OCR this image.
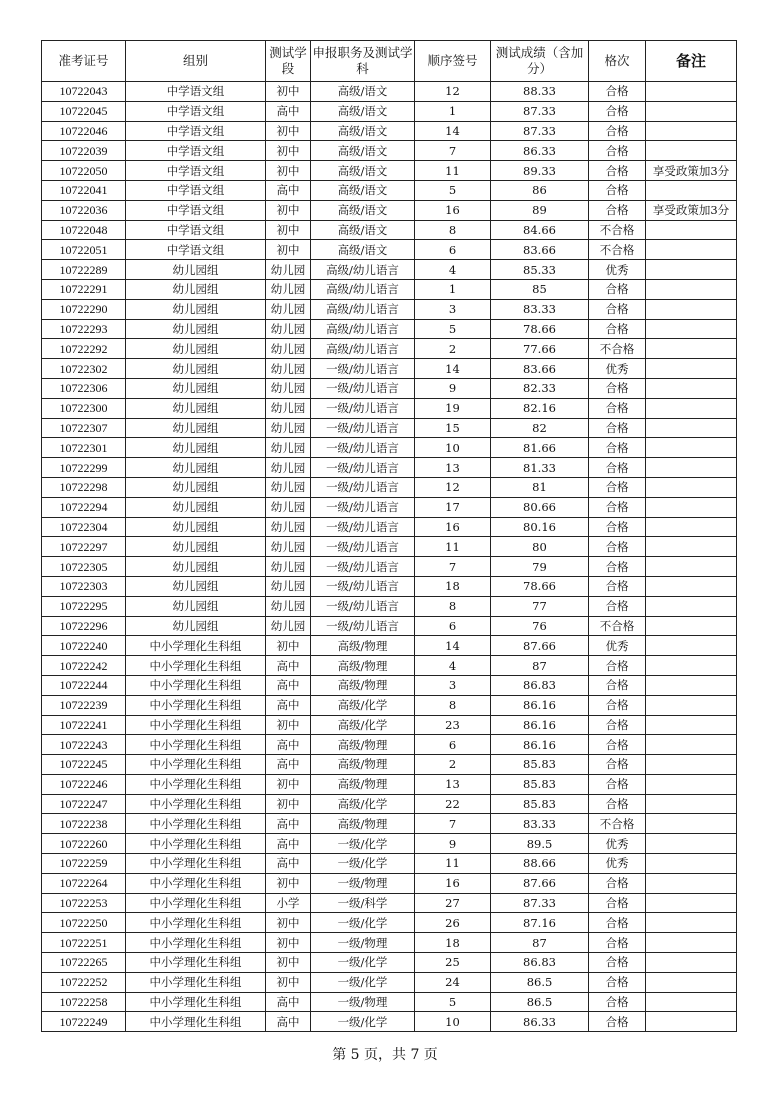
准考证号	组别	测试学段	申报职务及测试学科	顺序签号	测试成绩（含加分）	格次	备注
10722043	中学语文组	初中	高级/语文	12	88.33	合格	
10722045	中学语文组	高中	高级/语文	1	87.33	合格	
10722046	中学语文组	初中	高级/语文	14	87.33	合格	
10722039	中学语文组	初中	高级/语文	7	86.33	合格	
10722050	中学语文组	初中	高级/语文	11	89.33	合格	享受政策加3分
10722041	中学语文组	高中	高级/语文	5	86	合格	
10722036	中学语文组	初中	高级/语文	16	89	合格	享受政策加3分
10722048	中学语文组	初中	高级/语文	8	84.66	不合格	
10722051	中学语文组	初中	高级/语文	6	83.66	不合格	
10722289	幼儿园组	幼儿园	高级/幼儿语言	4	85.33	优秀	
10722291	幼儿园组	幼儿园	高级/幼儿语言	1	85	合格	
10722290	幼儿园组	幼儿园	高级/幼儿语言	3	83.33	合格	
10722293	幼儿园组	幼儿园	高级/幼儿语言	5	78.66	合格	
10722292	幼儿园组	幼儿园	高级/幼儿语言	2	77.66	不合格	
10722302	幼儿园组	幼儿园	一级/幼儿语言	14	83.66	优秀	
10722306	幼儿园组	幼儿园	一级/幼儿语言	9	82.33	合格	
10722300	幼儿园组	幼儿园	一级/幼儿语言	19	82.16	合格	
10722307	幼儿园组	幼儿园	一级/幼儿语言	15	82	合格	
10722301	幼儿园组	幼儿园	一级/幼儿语言	10	81.66	合格	
10722299	幼儿园组	幼儿园	一级/幼儿语言	13	81.33	合格	
10722298	幼儿园组	幼儿园	一级/幼儿语言	12	81	合格	
10722294	幼儿园组	幼儿园	一级/幼儿语言	17	80.66	合格	
10722304	幼儿园组	幼儿园	一级/幼儿语言	16	80.16	合格	
10722297	幼儿园组	幼儿园	一级/幼儿语言	11	80	合格	
10722305	幼儿园组	幼儿园	一级/幼儿语言	7	79	合格	
10722303	幼儿园组	幼儿园	一级/幼儿语言	18	78.66	合格	
10722295	幼儿园组	幼儿园	一级/幼儿语言	8	77	合格	
10722296	幼儿园组	幼儿园	一级/幼儿语言	6	76	不合格	
10722240	中小学理化生科组	初中	高级/物理	14	87.66	优秀	
10722242	中小学理化生科组	高中	高级/物理	4	87	合格	
10722244	中小学理化生科组	高中	高级/物理	3	86.83	合格	
10722239	中小学理化生科组	高中	高级/化学	8	86.16	合格	
10722241	中小学理化生科组	初中	高级/化学	23	86.16	合格	
10722243	中小学理化生科组	高中	高级/物理	6	86.16	合格	
10722245	中小学理化生科组	高中	高级/物理	2	85.83	合格	
10722246	中小学理化生科组	初中	高级/物理	13	85.83	合格	
10722247	中小学理化生科组	初中	高级/化学	22	85.83	合格	
10722238	中小学理化生科组	高中	高级/物理	7	83.33	不合格	
10722260	中小学理化生科组	高中	一级/化学	9	89.5	优秀	
10722259	中小学理化生科组	高中	一级/化学	11	88.66	优秀	
10722264	中小学理化生科组	初中	一级/物理	16	87.66	合格	
10722253	中小学理化生科组	小学	一级/科学	27	87.33	合格	
10722250	中小学理化生科组	初中	一级/化学	26	87.16	合格	
10722251	中小学理化生科组	初中	一级/物理	18	87	合格	
10722265	中小学理化生科组	初中	一级/化学	25	86.83	合格	
10722252	中小学理化生科组	初中	一级/化学	24	86.5	合格	
10722258	中小学理化生科组	高中	一级/物理	5	86.5	合格	
10722249	中小学理化生科组	高中	一级/化学	10	86.33	合格	
第 5 页，共 7 页
